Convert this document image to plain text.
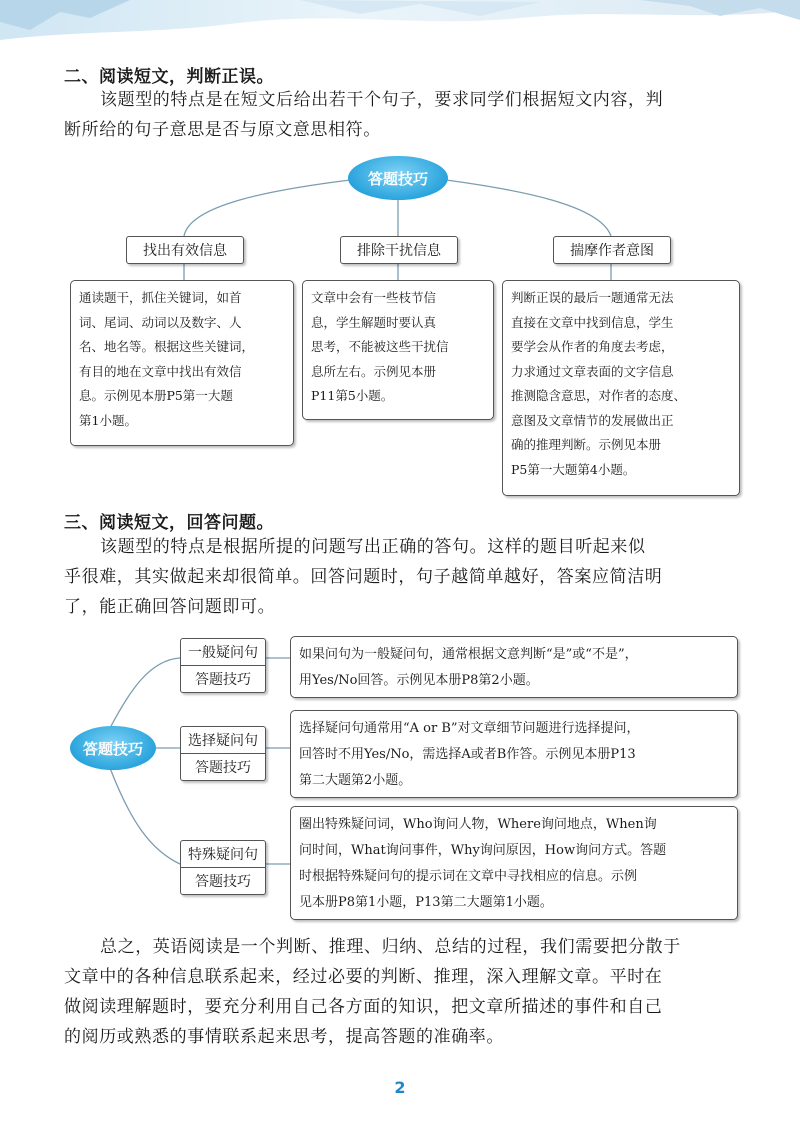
二、阅读短文，判断正误。
该题型的特点是在短文后给出若干个句子，要求同学们根据短文内容，判
断所给的句子意思是否与原文意思相符。
答题技巧
找出有效信息	排除干扰信息	揣摩作者意图
通读题干，抓住关键词，如首
词、尾词、动词以及数字、人
名、地名等。根据这些关键词，
有目的地在文章中找出有效信
息。示例见本册P5第一大题
第1小题。
文章中会有一些枝节信
息，学生解题时要认真
思考，不能被这些干扰信
息所左右。示例见本册
P11第5小题。
判断正误的最后一题通常无法
直接在文章中找到信息，学生
要学会从作者的角度去考虑，
力求通过文章表面的文字信息
推测隐含意思，对作者的态度、
意图及文章情节的发展做出正
确的推理判断。示例见本册
P5第一大题第4小题。
三、阅读短文，回答问题。
该题型的特点是根据所提的问题写出正确的答句。这样的题目听起来似
乎很难，其实做起来却很简单。回答问题时，句子越简单越好，答案应简洁明
了，能正确回答问题即可。
答题技巧
一般疑问句
答题技巧
选择疑问句
答题技巧
特殊疑问句
答题技巧
如果问句为一般疑问句，通常根据文意判断“是”或“不是”，
用Yes/No回答。示例见本册P8第2小题。
选择疑问句通常用“A or B”对文章细节问题进行选择提问，
回答时不用Yes/No，需选择A或者B作答。示例见本册P13
第二大题第2小题。
圈出特殊疑问词，Who询问人物，Where询问地点，When询
问时间，What询问事件，Why询问原因，How询问方式。答题
时根据特殊疑问句的提示词在文章中寻找相应的信息。示例
见本册P8第1小题，P13第二大题第1小题。
总之，英语阅读是一个判断、推理、归纳、总结的过程，我们需要把分散于
文章中的各种信息联系起来，经过必要的判断、推理，深入理解文章。平时在
做阅读理解题时，要充分利用自己各方面的知识，把文章所描述的事件和自己
的阅历或熟悉的事情联系起来思考，提高答题的准确率。
2
